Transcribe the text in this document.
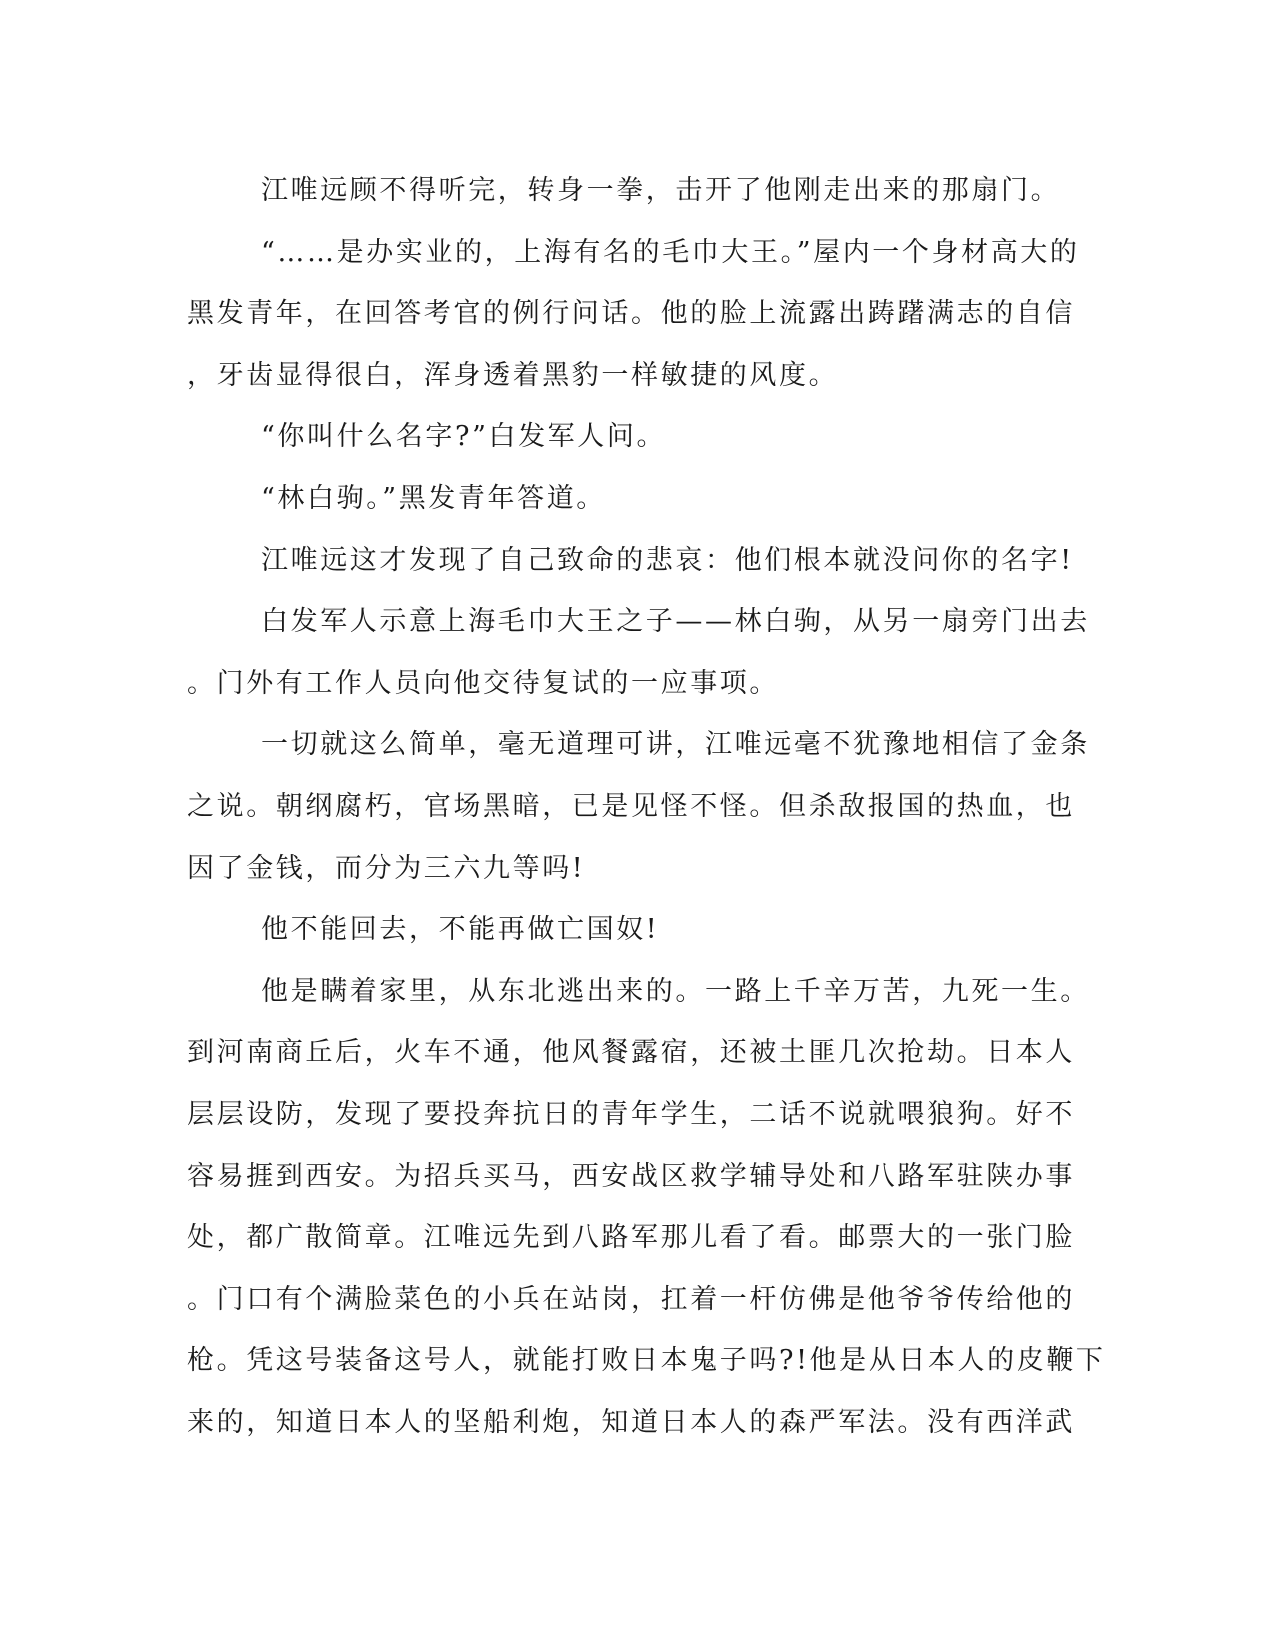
江唯远顾不得听完，转身一拳，击开了他刚走出来的那扇门。
“……是办实业的，上海有名的毛巾大王。”屋内一个身材高大的
黑发青年，在回答考官的例行问话。他的脸上流露出踌躇满志的自信
，牙齿显得很白，浑身透着黑豹一样敏捷的风度。
“你叫什么名字?”白发军人问。
“林白驹。”黑发青年答道。
江唯远这才发现了自己致命的悲哀：他们根本就没问你的名字!
白发军人示意上海毛巾大王之子——林白驹，从另一扇旁门出去
。门外有工作人员向他交待复试的一应事项。
一切就这么简单，毫无道理可讲，江唯远毫不犹豫地相信了金条
之说。朝纲腐朽，官场黑暗，已是见怪不怪。但杀敌报国的热血，也
因了金钱，而分为三六九等吗!
他不能回去，不能再做亡国奴!
他是瞒着家里，从东北逃出来的。一路上千辛万苦，九死一生。
到河南商丘后，火车不通，他风餐露宿，还被土匪几次抢劫。日本人
层层设防，发现了要投奔抗日的青年学生，二话不说就喂狼狗。好不
容易捱到西安。为招兵买马，西安战区救学辅导处和八路军驻陕办事
处，都广散简章。江唯远先到八路军那儿看了看。邮票大的一张门脸
。门口有个满脸菜色的小兵在站岗，扛着一杆仿佛是他爷爷传给他的
枪。凭这号装备这号人，就能打败日本鬼子吗?!他是从日本人的皮鞭下
来的，知道日本人的坚船利炮，知道日本人的森严军法。没有西洋武
